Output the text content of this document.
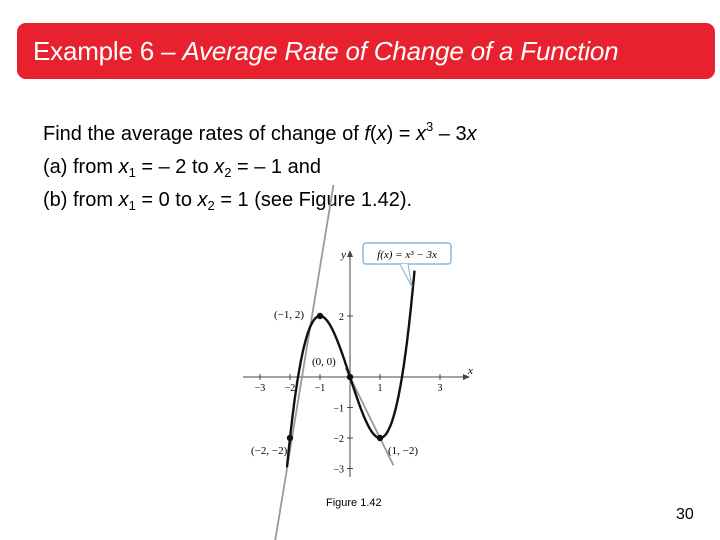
Example 6 – Average Rate of Change of a Function
Find the average rates of change of $f(x) = x^3 - 3x$
(a) from $x_1$ = – 2 to $x_2$ = – 1 and
(b) from $x_1 = 0$ to $x_2 = 1$ (see Figure 1.42).
x
y
−3 −2 −1	1	3
2
−1
−2
−3
(−1, 2)
(0, 0)
(−2, −2)	(1, −2)
f(x) = x³ − 3x
Figure 1.42
30
